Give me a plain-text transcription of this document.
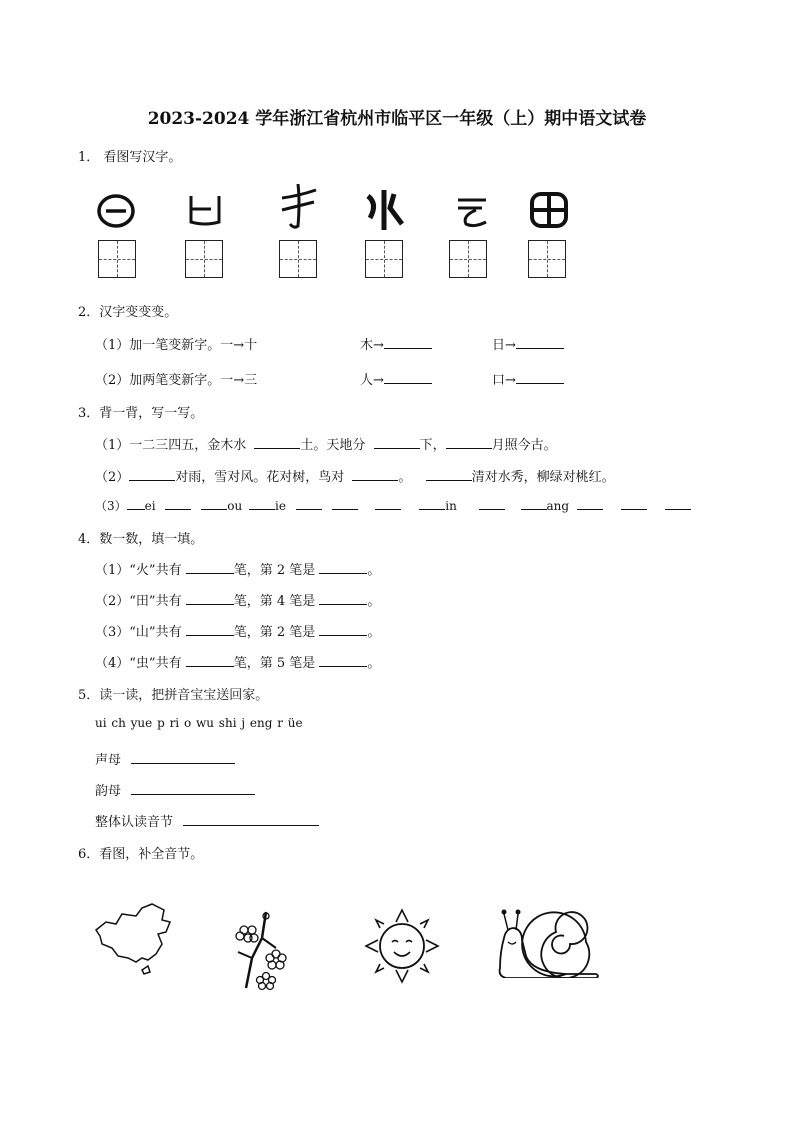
2023-2024 学年浙江省杭州市临平区一年级（上）期中语文试卷
1． 看图写汉字。
2．汉字变变变。
（1）加一笔变新字。一→十	木→	日→
（2）加两笔变新字。一→三	人→	口→
3．背一背，写一写。
（1）一二三四五，金木水	土。天地分	下，	月照今古。
（2）	对雨，雪对风。花对树，鸟对	。	清对水秀，柳绿对桃红。
（3） ei	ou	ie	in	ang
4．数一数，填一填。
（1）“火”共有	笔，第 2 笔是	。
（2）“田”共有	笔，第 4 笔是	。
（3）“山”共有	笔，第 2 笔是	。
（4）“虫”共有	笔，第 5 笔是	。
5．读一读，把拼音宝宝送回家。
ui ch yue p ri o wu shi j eng r üe
声母
韵母
整体认读音节
6．看图，补全音节。
